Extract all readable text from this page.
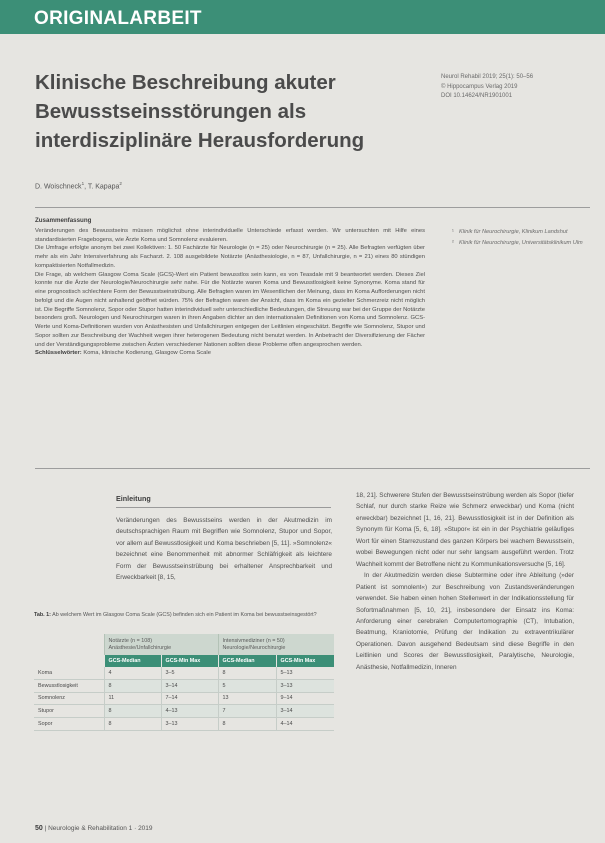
ORIGINALARBEIT
Klinische Beschreibung akuter
Bewusstseinsstörungen als
interdisziplinäre Herausforderung
Neurol Rehabil 2019; 25(1): 50–56
© Hippocampus Verlag 2019
DOI 10.14624/NR1901001
D. Woischneck$^1$, T. Kapapa$^2$
Zusammenfassung

Veränderungen des Bewusstseins müssen möglichst ohne interindividuelle Unterschiede erfasst werden. Wir untersuchten mit Hilfe eines standardisierten Fragebogens, wie Ärzte Koma und Somnolenz evaluieren.

Die Umfrage erfolgte anonym bei zwei Kollektiven: 1. 50 Fachärzte für Neurologie (n = 25) oder Neurochirurgie (n = 25). Alle Befragten verfügten über mehr als ein Jahr Intensiverfahrung als Facharzt. 2. 108 ausgebildete Notärzte (Anästhesiologie, n = 87, Unfallchirurgie, n = 21) eines 80 stündigen kompaktisierten Notfallmedizin.

Die Frage, ab welchem Glasgow Coma Scale (GCS)-Wert ein Patient bewusstlos sein kann, es von Teasdale mit 9 beantwortet werden. Dieses Ziel konnte nur die Ärzte der Neurologie/Neurochirurgie sehr nahe. Für die Notärzte waren Koma und Bewusstlosigkeit keine Synonyme. Koma stand für eine prognostisch schlechtere Form der Bewusstseinstrübung. Alle Befragten waren im Wesentlichen der Meinung, dass im Koma Aufforderungen nicht befolgt und die Augen nicht anhaltend geöffnet würden. 75% der Befragten waren der Ansicht, dass im Koma ein gezielter Schmerzreiz nicht möglich ist. Die Begriffe Somnolenz, Sopor oder Stupor hatten interindividuell sehr unterschiedliche Bedeutungen, die Streuung war bei der Gruppe der Notärzte besonders groß. Neurologen und Neurochirurgen waren in ihren Angaben dichter an den internationalen Definitionen von Koma und Somnolenz. GCS-Werte und Koma-Definitionen wurden von Anästhesisten und Unfallchirurgen entgegen der Leitlinien eingeschätzt. Begriffe wie Somnolenz, Stupor und Sopor sollten zur Beschreibung der Wachheit wegen ihrer heterogenen Bedeutung nicht benutzt werden. In Anbetracht der Diversifizierung der Fächer und der Verständigungsprobleme zwischen Ärzten verschiedener Nationen sollten diese Probleme offen angesprochen werden.

Schlüsselwörter: Koma, klinische Kodierung, Glasgow Coma Scale

¹ Klinik für Neurochirurgie, Klinikum Landshut
² Klinik für Neurochirurgie, Universitätsklinikum Ulm
Einleitung

Veränderungen des Bewusstseins werden in der Akutmedizin im deutschsprachigen Raum mit Begriffen wie Somnolenz, Stupor und Sopor, vor allem auf Bewusstlosigkeit und Koma beschrieben [5, 11]. »Somnolenz« bezeichnet eine Benommenheit mit abnormer Schläfrigkeit als leichtere Form der Bewusstseinstrübung bei erhaltener Ansprechbarkeit und Erweckbarkeit [8, 15,

18, 21]. Schwerere Stufen der Bewusstseinstrübung werden als Sopor (tiefer Schlaf, nur durch starke Reize wie Schmerz erweckbar) und Koma (nicht erweckbar) bezeichnet [1, 16, 21]. Bewusstlosigkeit ist in der Definition als Synonym für Koma [5, 6, 18]. »Stupor« ist ein in der Psychiatrie geläufiges Wort für einen Starrezustand des ganzen Körpers bei wachem Bewusstsein, wobei Bewegungen nicht oder nur sehr langsam ausgeführt werden. Trotz Wachheit kommt der Betroffene nicht zu Kommunikationsversuche [5, 16].

In der Akutmedizin werden diese Subtermine oder ihre Ableitung (»der Patient ist somnolent«) zur Beschreibung von Zustandsveränderungen verwendet. Sie haben einen hohen Stellenwert in der Indikationsstellung für Sofortmaßnahmen [5, 10, 21], insbesondere der Einsatz ins Koma: Anforderung einer cerebralen Computertomographie (CT), Intubation, Beatmung, Kraniotomie, Prüfung der Indikation zu extraventrikulärer Operationen. Davon ausgehend Bedeutsam sind diese Begriffe in den Leitlinien und Scores der Bewusstlosigkeit, Paralytische, Neurologie, Anästhesie, Notfallmedizin, Inneren

Tab. 1: Ab welchem Wert im Glasgow Coma Scale (GCS) befinden sich ein Patient im Koma bei bewusstseinsgestört?
	Notärzte (n = 108) Anästhesie/Unfallchirurgie		Intensivmediziner (n = 50) Neurologie/Neurochirurgie	
	GCS-Median	GCS-Min Max	GCS-Median	GCS-Min Max
Koma	4	3–5	8	5–13
Bewusstlosigkeit	8	3–14	5	3–13
Somnolenz	11	7–14	13	9–14
Stupor	8	4–13	7	3–14
Sopor	8	3–13	8	4–14
50 | Neurologie & Rehabilitation 1 · 2019
